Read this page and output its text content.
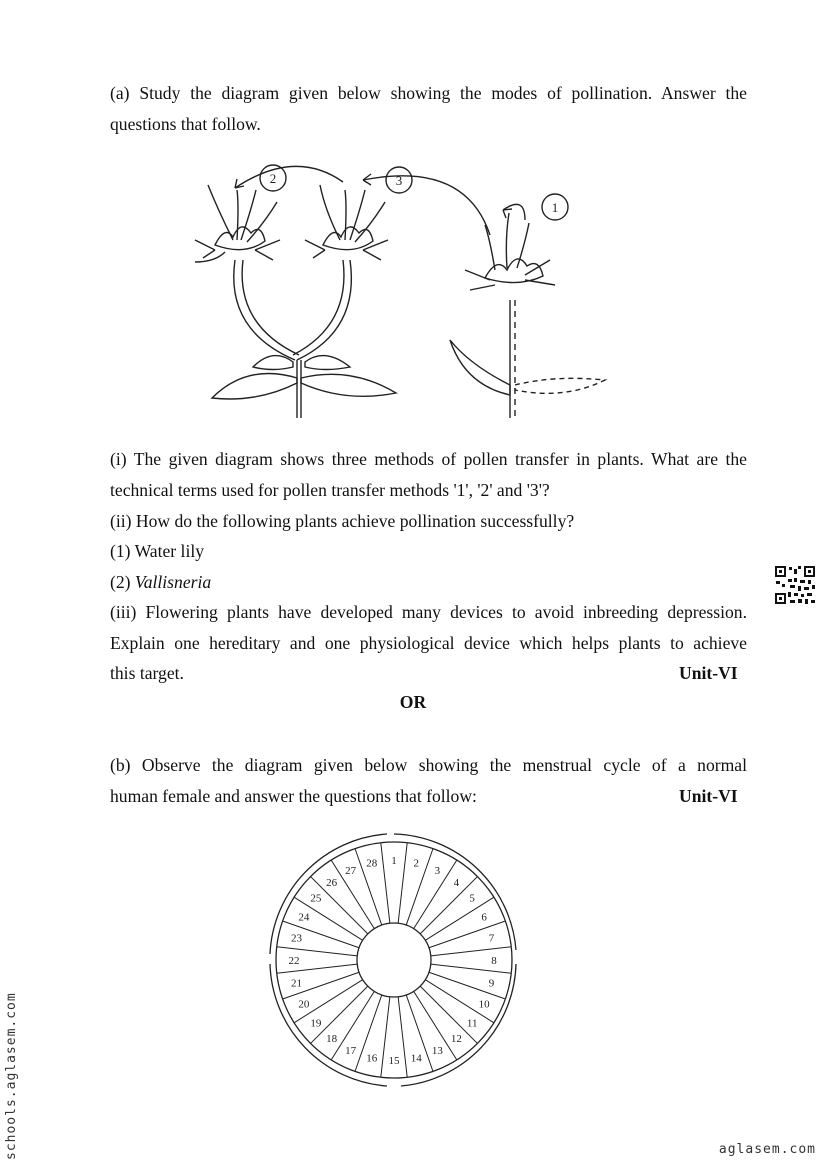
(a) Study the diagram given below showing the modes of pollination. Answer the
questions that follow.
2	3
1
(i) The given diagram shows three methods of pollen transfer in plants. What are the
technical terms used for pollen transfer methods '1', '2' and '3'?
(ii) How do the following plants achieve pollination successfully?
(1) Water lily
(2) Vallisneria
(iii) Flowering plants have developed many devices to avoid inbreeding depression.
Explain one hereditary and one physiological device which helps plants to achieve
this target.	Unit-VI
OR
(b) Observe the diagram given below showing the menstrual cycle of a normal
human female and answer the questions that follow:	Unit-VI
1 2
3
4
5
6
7
8
9
10
11
12
13
14
15
16
17
18
19
20
21
22
23
24
25
26
27
28
schools.aglasem.com	aglasem.com
